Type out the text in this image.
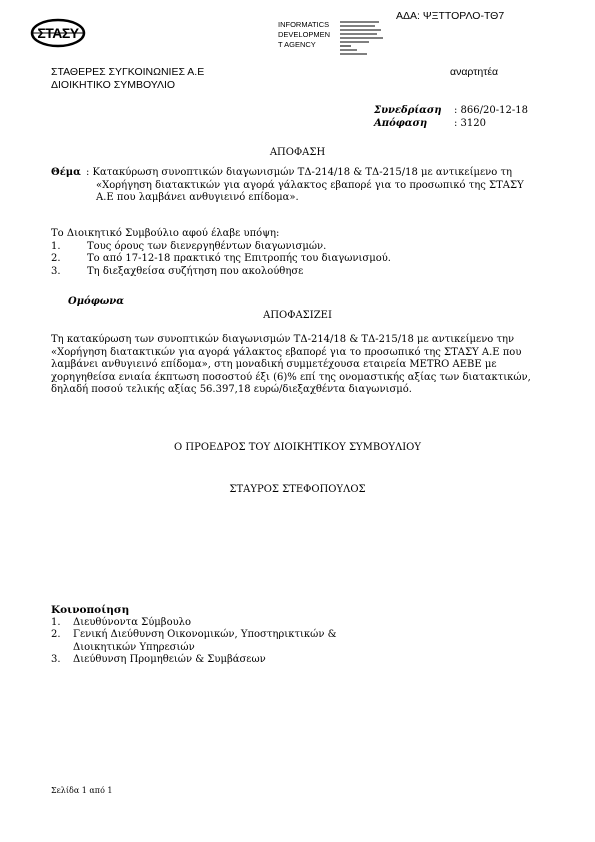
ΑΔΑ: ΨΞΤΤΟΡΛΟ-ΤΘ7
ΣΤΑΣΥ
INFORMATICS
DEVELOPMEN
T AGENCY
ΣΤΑΘΕΡΕΣ ΣΥΓΚΟΙΝΩΝΙΕΣ Α.Ε
ΔΙΟΙΚΗΤΙΚΟ ΣΥΜΒΟΥΛΙΟ
αναρτητέα
Συνεδρίαση	: 866/20-12-18
Απόφαση	: 3120
ΑΠΟΦΑΣΗ
Θέμα : Κατακύρωση συνοπτικών διαγωνισμών ΤΔ-214/18 & ΤΔ-215/18 με αντικείμενο τη
«Χορήγηση διατακτικών για αγορά γάλακτος εβαπορέ για το προσωπικό της ΣΤΑΣΥ
Α.Ε που λαμβάνει ανθυγιεινό επίδομα».
Το Διοικητικό Συμβούλιο αφού έλαβε υπόψη:
1.	Τους όρους των διενεργηθέντων διαγωνισμών.
2.	Το από 17-12-18 πρακτικό της Επιτροπής του διαγωνισμού.
3.	Τη διεξαχθείσα συζήτηση που ακολούθησε
Ομόφωνα
ΑΠΟΦΑΣΙΖΕΙ
Τη κατακύρωση των συνοπτικών διαγωνισμών ΤΔ-214/18 & ΤΔ-215/18 με αντικείμενο την
«Χορήγηση διατακτικών για αγορά γάλακτος εβαπορέ για το προσωπικό της ΣΤΑΣΥ Α.Ε που
λαμβάνει ανθυγιεινό επίδομα», στη μοναδική συμμετέχουσα εταιρεία METRO ΑΕΒΕ με
χορηγηθείσα ενιαία έκπτωση ποσοστού έξι (6)% επί της ονομαστικής αξίας των διατακτικών,
δηλαδή ποσού τελικής αξίας 56.397,18 ευρώ/διεξαχθέντα διαγωνισμό.
Ο ΠΡΟΕΔΡΟΣ ΤΟΥ ΔΙΟΙΚΗΤΙΚΟΥ ΣΥΜΒΟΥΛΙΟΥ
ΣΤΑΥΡΟΣ ΣΤΕΦΟΠΟΥΛΟΣ
Κοινοποίηση
1.	Διευθύνοντα Σύμβουλο
2.	Γενική Διεύθυνση Οικονομικών, Υποστηρικτικών &
Διοικητικών Υπηρεσιών
3.	Διεύθυνση Προμηθειών & Συμβάσεων
Σελίδα 1 από 1
